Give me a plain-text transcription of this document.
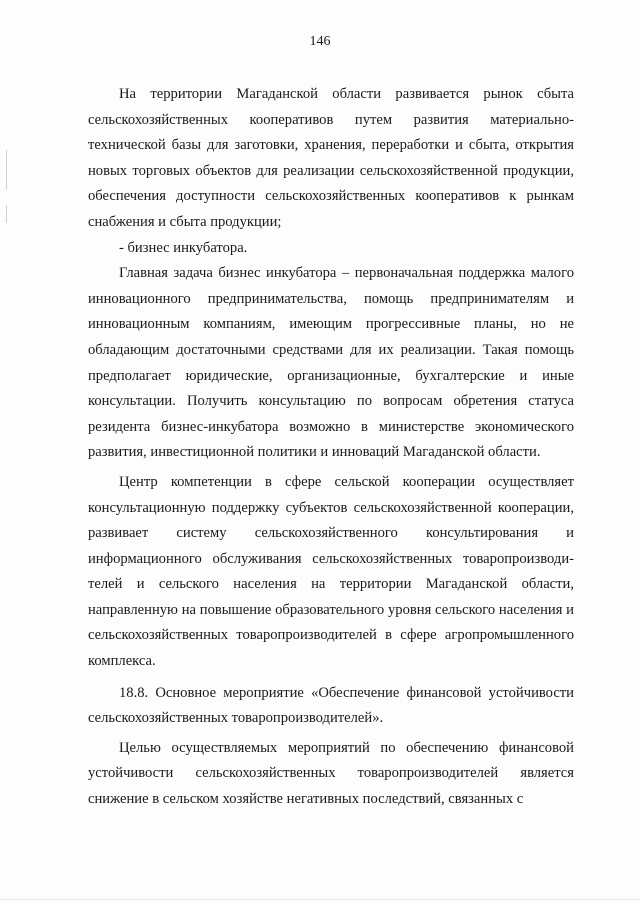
146

На территории Магаданской области развивается рынок сбыта сельскохозяйственных кооперативов путем развития материально-технической базы для заготовки, хранения, переработки и сбыта, открытия новых торговых объектов для реализации сельскохозяйственной продукции, обеспечения доступности сельскохозяйственных кооперативов к рынкам снабжения и сбыта продукции;

- бизнес инкубатора.

Главная задача бизнес инкубатора – первоначальная поддержка малого инновационного предпринимательства, помощь предпринимателям и инновационным компаниям, имеющим прогрессивные планы, но не обладающим достаточными средствами для их реализации. Такая помощь предполагает юридические, организационные, бухгалтерские и иные консультации. Получить консультацию по вопросам обретения статуса резидента бизнес-инкубатора возможно в министерстве экономического развития, инвестиционной политики и инноваций Магаданской области.

Центр компетенции в сфере сельской кооперации осуществляет консультационную поддержку субъектов сельскохозяйственной кооперации, развивает систему сельскохозяйственного консультирования и информационного обслуживания сельскохозяйственных товаропроизводи-телей и сельского населения на территории Магаданской области, направленную на повышение образовательного уровня сельского населения и сельскохозяйственных товаропроизводителей в сфере агропромышленного комплекса.

18.8. Основное мероприятие «Обеспечение финансовой устойчивости сельскохозяйственных товаропроизводителей».

Целью осуществляемых мероприятий по обеспечению финансовой устойчивости сельскохозяйственных товаропроизводителей является снижение в сельском хозяйстве негативных последствий, связанных с
